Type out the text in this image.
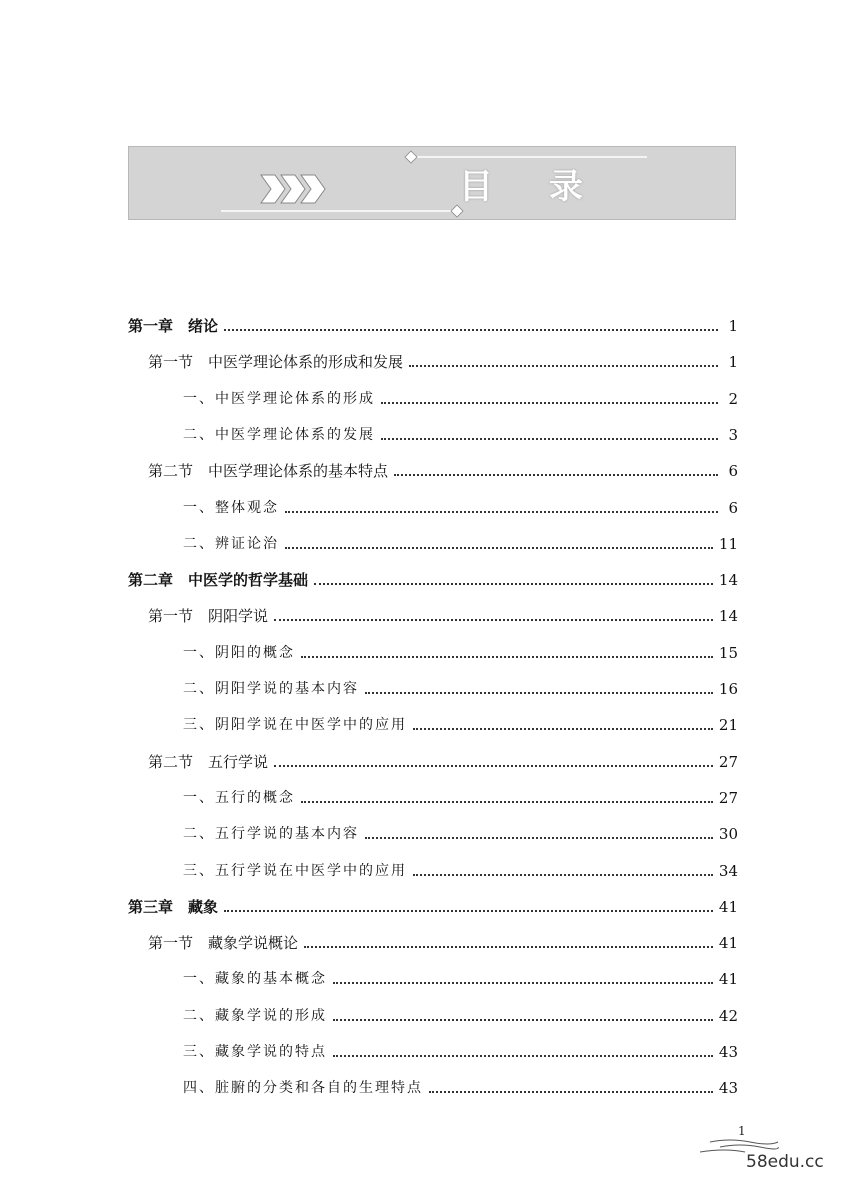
目 录
第一章　绪论	1
第一节　中医学理论体系的形成和发展	1
一、中医学理论体系的形成	2
二、中医学理论体系的发展	3
第二节　中医学理论体系的基本特点	6
一、整体观念	6
二、辨证论治	11
第二章　中医学的哲学基础	14
第一节　阴阳学说	14
一、阴阳的概念	15
二、阴阳学说的基本内容	16
三、阴阳学说在中医学中的应用	21
第二节　五行学说	27
一、五行的概念	27
二、五行学说的基本内容	30
三、五行学说在中医学中的应用	34
第三章　藏象	41
第一节　藏象学说概论	41
一、藏象的基本概念	41
二、藏象学说的形成	42
三、藏象学说的特点	43
四、脏腑的分类和各自的生理特点	43
1
58edu.cc
